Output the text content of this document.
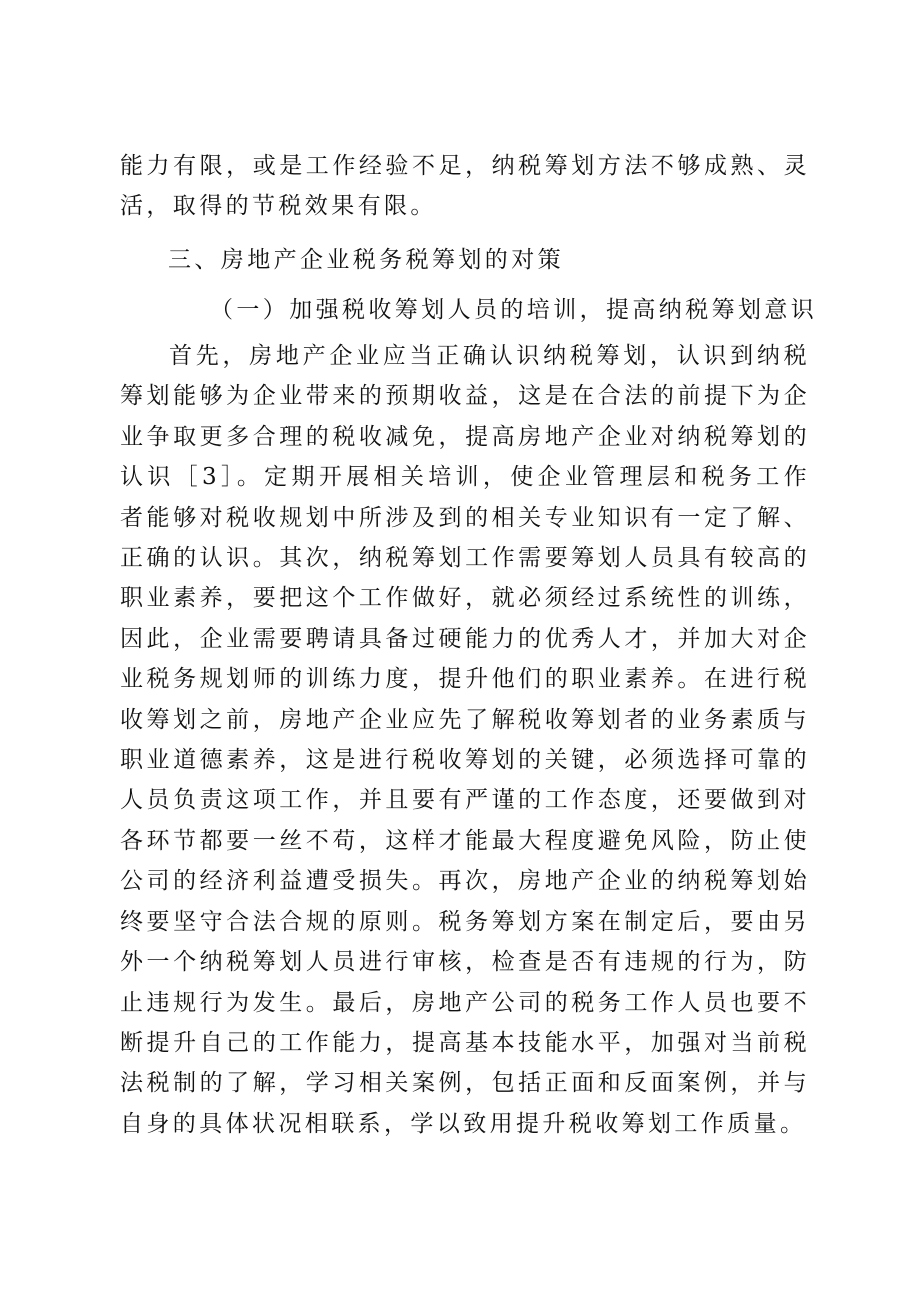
能力有限，或是工作经验不足，纳税筹划方法不够成熟、灵活，取得的节税效果有限。

三、房地产企业税务税筹划的对策
（一）加强税收筹划人员的培训，提高纳税筹划意识

首先，房地产企业应当正确认识纳税筹划，认识到纳税筹划能够为企业带来的预期收益，这是在合法的前提下为企业争取更多合理的税收减免，提高房地产企业对纳税筹划的认识［3］。定期开展相关培训，使企业管理层和税务工作者能够对税收规划中所涉及到的相关专业知识有一定了解、正确的认识。其次，纳税筹划工作需要筹划人员具有较高的职业素养，要把这个工作做好，就必须经过系统性的训练，因此，企业需要聘请具备过硬能力的优秀人才，并加大对企业税务规划师的训练力度，提升他们的职业素养。在进行税收筹划之前，房地产企业应先了解税收筹划者的业务素质与职业道德素养，这是进行税收筹划的关键，必须选择可靠的人员负责这项工作，并且要有严谨的工作态度，还要做到对各环节都要一丝不苟，这样才能最大程度避免风险，防止使公司的经济利益遭受损失。再次，房地产企业的纳税筹划始终要坚守合法合规的原则。税务筹划方案在制定后，要由另外一个纳税筹划人员进行审核，检查是否有违规的行为，防止违规行为发生。最后，房地产公司的税务工作人员也要不断提升自己的工作能力，提高基本技能水平，加强对当前税法税制的了解，学习相关案例，包括正面和反面案例，并与自身的具体状况相联系，学以致用提升税收筹划工作质量。
